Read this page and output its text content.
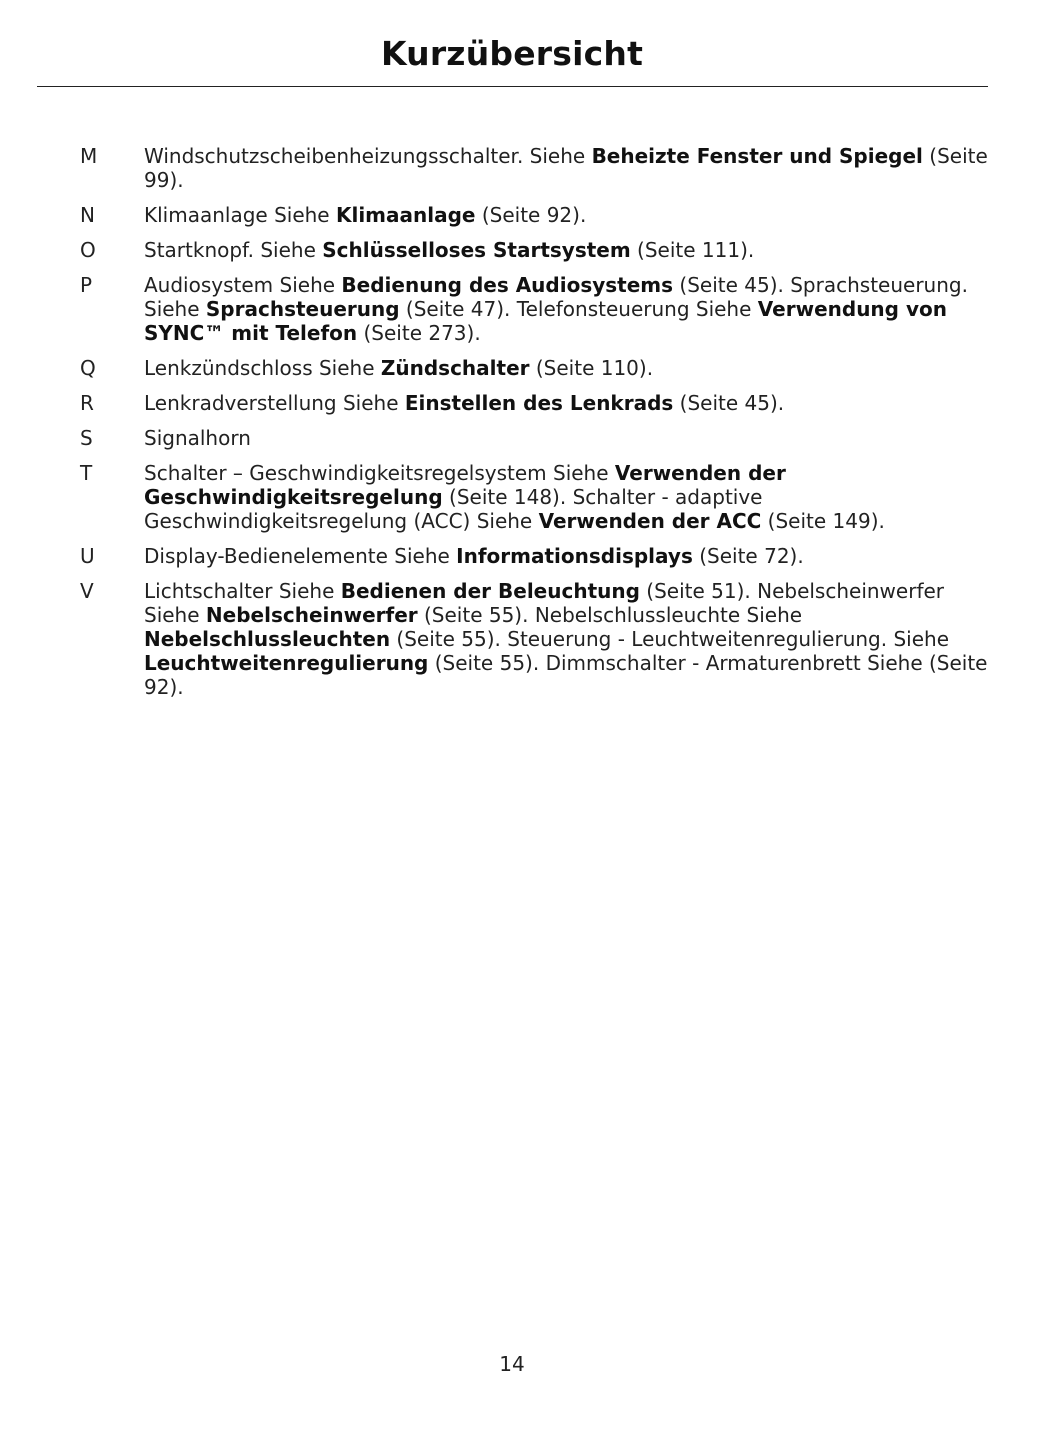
Kurzübersicht
M	Windschutzscheibenheizungsschalter. Siehe Beheizte Fenster und Spiegel (Seite 99).
N	Klimaanlage Siehe Klimaanlage (Seite 92).
O	Startknopf. Siehe Schlüsselloses Startsystem (Seite 111).
P	Audiosystem Siehe Bedienung des Audiosystems (Seite 45). Sprachsteuerung. Siehe Sprachsteuerung (Seite 47). Telefonsteuerung Siehe Verwendung von SYNC™ mit Telefon (Seite 273).
Q	Lenkzündschloss Siehe Zündschalter (Seite 110).
R	Lenkradverstellung Siehe Einstellen des Lenkrads (Seite 45).
S	Signalhorn
T	Schalter – Geschwindigkeitsregelsystem Siehe Verwenden der Geschwindigkeitsregelung (Seite 148). Schalter - adaptive Geschwindigkeitsregelung (ACC) Siehe Verwenden der ACC (Seite 149).
U	Display-Bedienelemente Siehe Informationsdisplays (Seite 72).
V	Lichtschalter Siehe Bedienen der Beleuchtung (Seite 51). Nebelscheinwerfer Siehe Nebelscheinwerfer (Seite 55). Nebelschlussleuchte Siehe Nebelschlussleuchten (Seite 55). Steuerung - Leuchtweitenregulierung. Siehe Leuchtweitenregulierung (Seite 55). Dimmschalter - Armaturenbrett Siehe (Seite 92).
14
